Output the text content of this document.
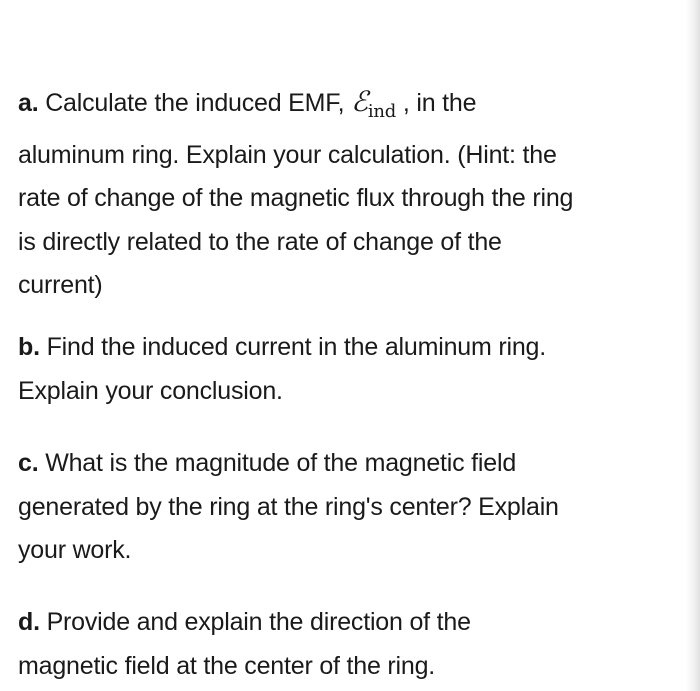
a. Calculate the induced EMF, ℰ$_{ind}$ , in the
aluminum ring. Explain your calculation. (Hint: the
rate of change of the magnetic flux through the ring
is directly related to the rate of change of the
current)
b. Find the induced current in the aluminum ring.
Explain your conclusion.
c. What is the magnitude of the magnetic field
generated by the ring at the ring's center? Explain
your work.
d. Provide and explain the direction of the
magnetic field at the center of the ring.
